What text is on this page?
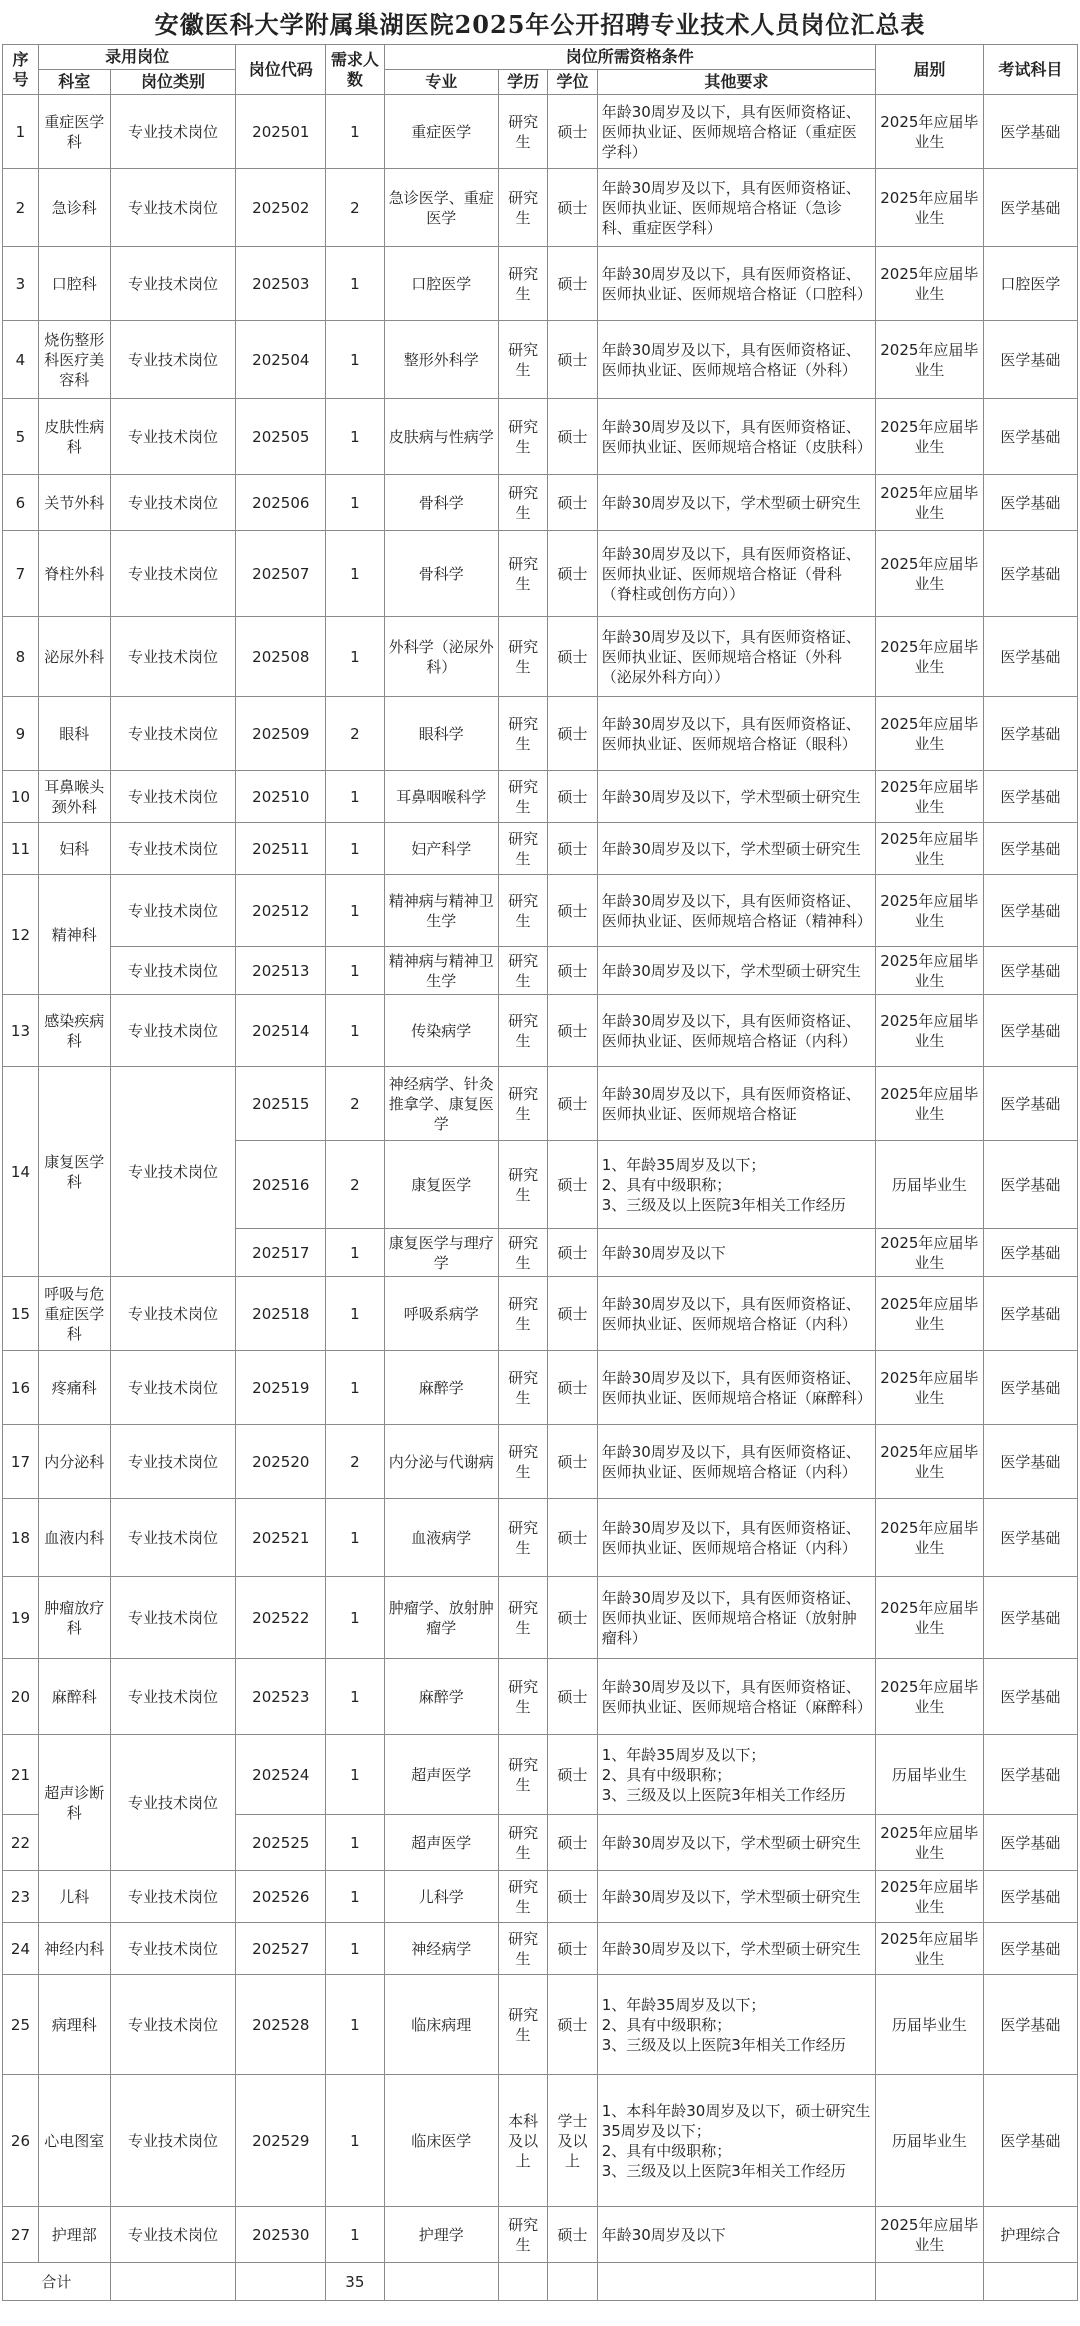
安徽医科大学附属巢湖医院2025年公开招聘专业技术人员岗位汇总表
序号	录用岗位		岗位代码	需求人数	岗位所需资格条件				届别	考试科目
	科室	岗位类别			专业	学历	学位	其他要求		
1	重症医学科	专业技术岗位	202501	1	重症医学	研究生	硕士	年龄30周岁及以下，具有医师资格证、医师执业证、医师规培合格证（重症医学科）	2025年应届毕业生	医学基础
2	急诊科	专业技术岗位	202502	2	急诊医学、重症医学	研究生	硕士	年龄30周岁及以下，具有医师资格证、医师执业证、医师规培合格证（急诊科、重症医学科）	2025年应届毕业生	医学基础
3	口腔科	专业技术岗位	202503	1	口腔医学	研究生	硕士	年龄30周岁及以下，具有医师资格证、医师执业证、医师规培合格证（口腔科）	2025年应届毕业生	口腔医学
4	烧伤整形科医疗美容科	专业技术岗位	202504	1	整形外科学	研究生	硕士	年龄30周岁及以下，具有医师资格证、医师执业证、医师规培合格证（外科）	2025年应届毕业生	医学基础
5	皮肤性病科	专业技术岗位	202505	1	皮肤病与性病学	研究生	硕士	年龄30周岁及以下，具有医师资格证、医师执业证、医师规培合格证（皮肤科）	2025年应届毕业生	医学基础
6	关节外科	专业技术岗位	202506	1	骨科学	研究生	硕士	年龄30周岁及以下，学术型硕士研究生	2025年应届毕业生	医学基础
7	脊柱外科	专业技术岗位	202507	1	骨科学	研究生	硕士	年龄30周岁及以下，具有医师资格证、医师执业证、医师规培合格证（骨科（脊柱或创伤方向））	2025年应届毕业生	医学基础
8	泌尿外科	专业技术岗位	202508	1	外科学（泌尿外科）	研究生	硕士	年龄30周岁及以下，具有医师资格证、医师执业证、医师规培合格证（外科（泌尿外科方向））	2025年应届毕业生	医学基础
9	眼科	专业技术岗位	202509	2	眼科学	研究生	硕士	年龄30周岁及以下，具有医师资格证、医师执业证、医师规培合格证（眼科）	2025年应届毕业生	医学基础
10	耳鼻喉头颈外科	专业技术岗位	202510	1	耳鼻咽喉科学	研究生	硕士	年龄30周岁及以下，学术型硕士研究生	2025年应届毕业生	医学基础
11	妇科	专业技术岗位	202511	1	妇产科学	研究生	硕士	年龄30周岁及以下，学术型硕士研究生	2025年应届毕业生	医学基础
12	精神科	专业技术岗位	202512	1	精神病与精神卫生学	研究生	硕士	年龄30周岁及以下，具有医师资格证、医师执业证、医师规培合格证（精神科）	2025年应届毕业生	医学基础
		专业技术岗位	202513	1	精神病与精神卫生学	研究生	硕士	年龄30周岁及以下，学术型硕士研究生	2025年应届毕业生	医学基础
13	感染疾病科	专业技术岗位	202514	1	传染病学	研究生	硕士	年龄30周岁及以下，具有医师资格证、医师执业证、医师规培合格证（内科）	2025年应届毕业生	医学基础
14	康复医学科	专业技术岗位	202515	2	神经病学、针灸推拿学、康复医学	研究生	硕士	年龄30周岁及以下，具有医师资格证、医师执业证、医师规培合格证	2025年应届毕业生	医学基础
			202516	2	康复医学	研究生	硕士	1、年龄35周岁及以下；
2、具有中级职称；
3、三级及以上医院3年相关工作经历	历届毕业生	医学基础
			202517	1	康复医学与理疗学	研究生	硕士	年龄30周岁及以下	2025年应届毕业生	医学基础
15	呼吸与危重症医学科	专业技术岗位	202518	1	呼吸系病学	研究生	硕士	年龄30周岁及以下，具有医师资格证、医师执业证、医师规培合格证（内科）	2025年应届毕业生	医学基础
16	疼痛科	专业技术岗位	202519	1	麻醉学	研究生	硕士	年龄30周岁及以下，具有医师资格证、医师执业证、医师规培合格证（麻醉科）	2025年应届毕业生	医学基础
17	内分泌科	专业技术岗位	202520	2	内分泌与代谢病	研究生	硕士	年龄30周岁及以下，具有医师资格证、医师执业证、医师规培合格证（内科）	2025年应届毕业生	医学基础
18	血液内科	专业技术岗位	202521	1	血液病学	研究生	硕士	年龄30周岁及以下，具有医师资格证、医师执业证、医师规培合格证（内科）	2025年应届毕业生	医学基础
19	肿瘤放疗科	专业技术岗位	202522	1	肿瘤学、放射肿瘤学	研究生	硕士	年龄30周岁及以下，具有医师资格证、医师执业证、医师规培合格证（放射肿瘤科）	2025年应届毕业生	医学基础
20	麻醉科	专业技术岗位	202523	1	麻醉学	研究生	硕士	年龄30周岁及以下，具有医师资格证、医师执业证、医师规培合格证（麻醉科）	2025年应届毕业生	医学基础
21	超声诊断科	专业技术岗位	202524	1	超声医学	研究生	硕士	1、年龄35周岁及以下；
2、具有中级职称；
3、三级及以上医院3年相关工作经历	历届毕业生	医学基础
22			202525	1	超声医学	研究生	硕士	年龄30周岁及以下，学术型硕士研究生	2025年应届毕业生	医学基础
23	儿科	专业技术岗位	202526	1	儿科学	研究生	硕士	年龄30周岁及以下，学术型硕士研究生	2025年应届毕业生	医学基础
24	神经内科	专业技术岗位	202527	1	神经病学	研究生	硕士	年龄30周岁及以下，学术型硕士研究生	2025年应届毕业生	医学基础
25	病理科	专业技术岗位	202528	1	临床病理	研究生	硕士	1、年龄35周岁及以下；
2、具有中级职称；
3、三级及以上医院3年相关工作经历	历届毕业生	医学基础
26	心电图室	专业技术岗位	202529	1	临床医学	本科及以上	学士及以上	1、本科年龄30周岁及以下，硕士研究生35周岁及以下；
2、具有中级职称；
3、三级及以上医院3年相关工作经历	历届毕业生	医学基础
27	护理部	专业技术岗位	202530	1	护理学	研究生	硕士	年龄30周岁及以下	2025年应届毕业生	护理综合
合计				35						
